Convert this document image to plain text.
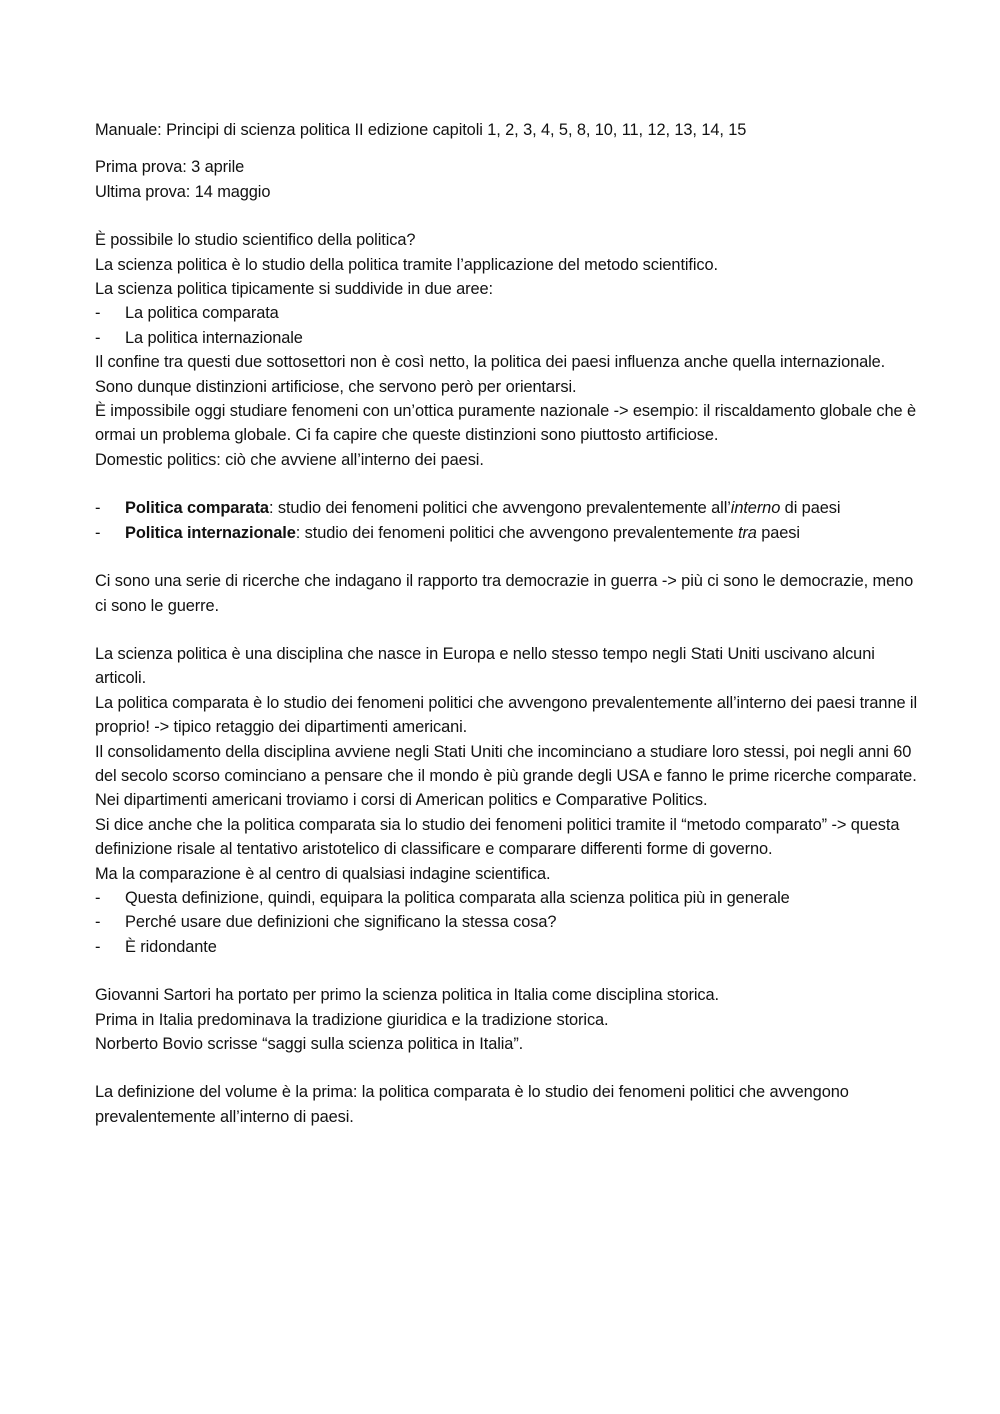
Manuale: Principi di scienza politica II edizione capitoli 1, 2, 3, 4, 5, 8, 10, 11, 12, 13, 14, 15
Prima prova: 3 aprile
Ultima prova: 14 maggio
È possibile lo studio scientifico della politica?
La scienza politica è lo studio della politica tramite l’applicazione del metodo scientifico.
La scienza politica tipicamente si suddivide in due aree:
-	La politica comparata
-	La politica internazionale
Il confine tra questi due sottosettori non è così netto, la politica dei paesi influenza anche quella internazionale. Sono dunque distinzioni artificiose, che servono però per orientarsi.
È impossibile oggi studiare fenomeni con un’ottica puramente nazionale -> esempio: il riscaldamento globale che è ormai un problema globale. Ci fa capire che queste distinzioni sono piuttosto artificiose.
Domestic politics: ciò che avviene all’interno dei paesi.
-	Politica comparata: studio dei fenomeni politici che avvengono prevalentemente all’interno di paesi
-	Politica internazionale: studio dei fenomeni politici che avvengono prevalentemente tra paesi
Ci sono una serie di ricerche che indagano il rapporto tra democrazie in guerra -> più ci sono le democrazie, meno ci sono le guerre.
La scienza politica è una disciplina che nasce in Europa e nello stesso tempo negli Stati Uniti uscivano alcuni articoli.
La politica comparata è lo studio dei fenomeni politici che avvengono prevalentemente all’interno dei paesi tranne il proprio! -> tipico retaggio dei dipartimenti americani.
Il consolidamento della disciplina avviene negli Stati Uniti che incominciano a studiare loro stessi, poi negli anni 60 del secolo scorso cominciano a pensare che il mondo è più grande degli USA e fanno le prime ricerche comparate. Nei dipartimenti americani troviamo i corsi di American politics e Comparative Politics.
Si dice anche che la politica comparata sia lo studio dei fenomeni politici tramite il “metodo comparato” -> questa definizione risale al tentativo aristotelico di classificare e comparare differenti forme di governo.
Ma la comparazione è al centro di qualsiasi indagine scientifica.
-	Questa definizione, quindi, equipara la politica comparata alla scienza politica più in generale
-	Perché usare due definizioni che significano la stessa cosa?
-	È ridondante
Giovanni Sartori ha portato per primo la scienza politica in Italia come disciplina storica.
Prima in Italia predominava la tradizione giuridica e la tradizione storica.
Norberto Bovio scrisse “saggi sulla scienza politica in Italia”.
La definizione del volume è la prima: la politica comparata è lo studio dei fenomeni politici che avvengono prevalentemente all’interno di paesi.
